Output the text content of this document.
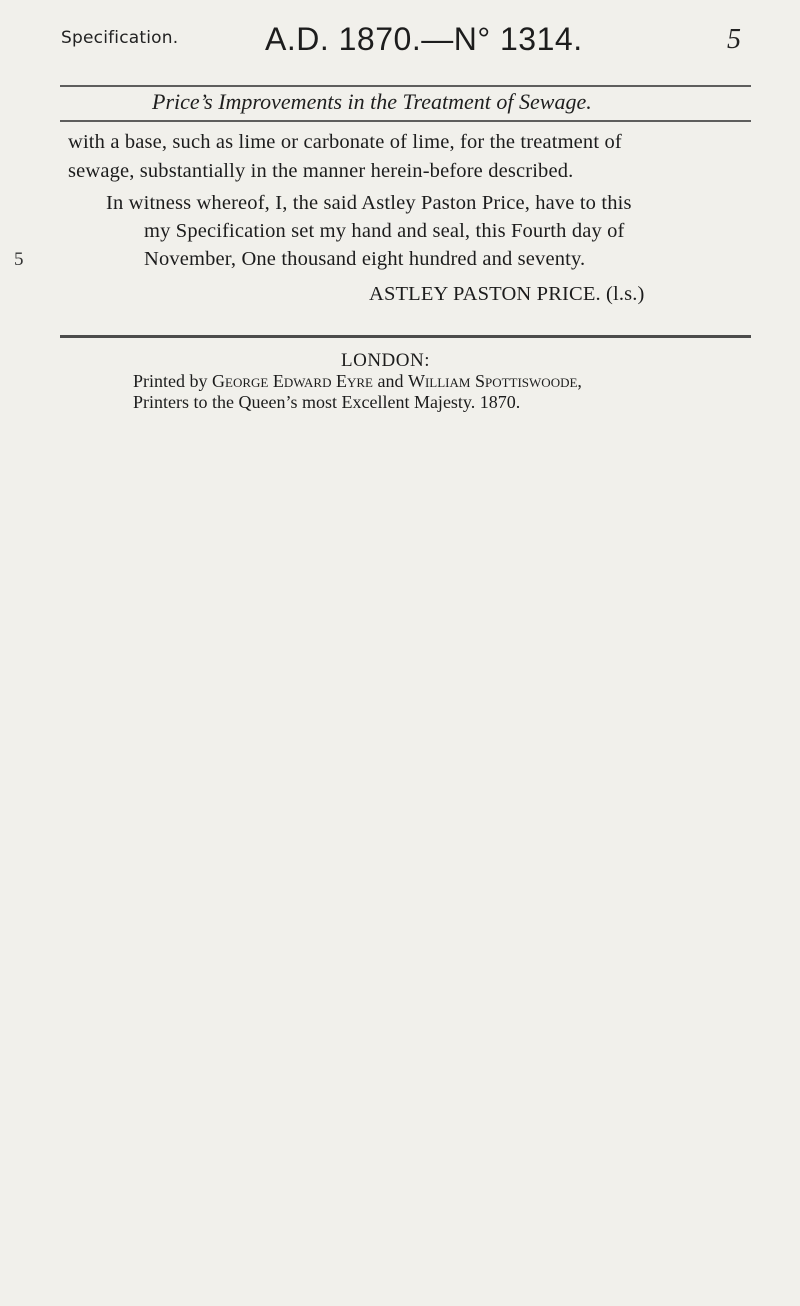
Specification.	A.D. 1870.—N° 1314.	5
Price’s Improvements in the Treatment of Sewage.
with a base, such as lime or carbonate of lime, for the treatment of
sewage, substantially in the manner herein-before described.
In witness whereof, I, the said Astley Paston Price, have to this
my Specification set my hand and seal, this Fourth day of
November, One thousand eight hundred and seventy.
5
ASTLEY PASTON PRICE. (l.s.)
LONDON:
Printed by George Edward Eyre and William Spottiswoode,
Printers to the Queen’s most Excellent Majesty. 1870.
